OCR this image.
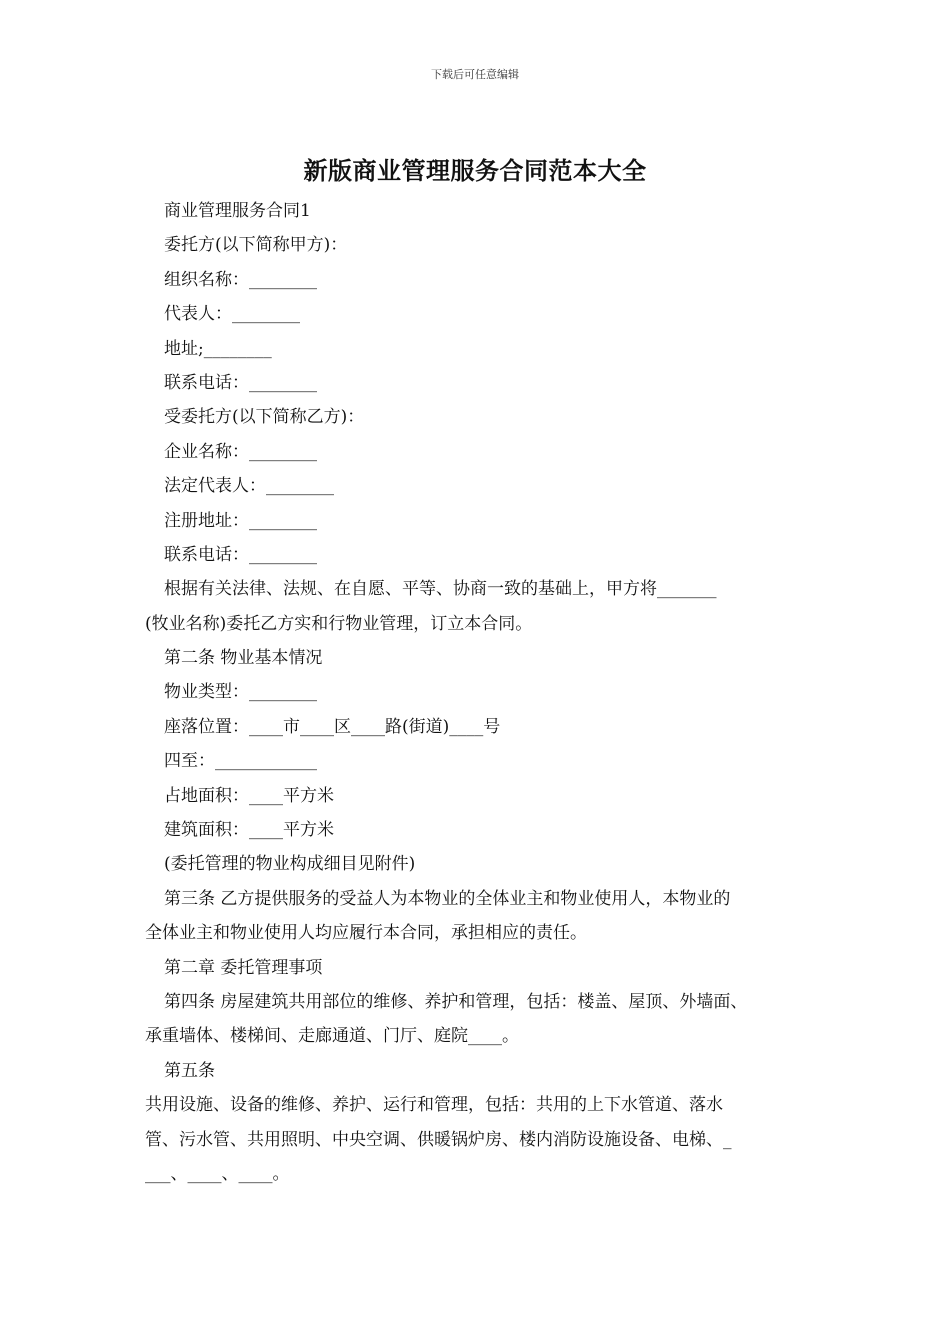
下载后可任意编辑
新版商业管理服务合同范本大全
商业管理服务合同1
委托方(以下简称甲方)：
组织名称：________
代表人：________
地址;________
联系电话：________
受委托方(以下简称乙方)：
企业名称：________
法定代表人：________
注册地址：________
联系电话：________
根据有关法律、法规、在自愿、平等、协商一致的基础上，甲方将_______
(牧业名称)委托乙方实和行物业管理，订立本合同。
第二条 物业基本情况
物业类型：________
座落位置：____市____区____路(街道)____号
四至：____________
占地面积：____平方米
建筑面积：____平方米
(委托管理的物业构成细目见附件)
第三条 乙方提供服务的受益人为本物业的全体业主和物业使用人，本物业的
全体业主和物业使用人均应履行本合同，承担相应的责任。
第二章 委托管理事项
第四条 房屋建筑共用部位的维修、养护和管理，包括：楼盖、屋顶、外墙面、
承重墙体、楼梯间、走廊通道、门厅、庭院____。
第五条
共用设施、设备的维修、养护、运行和管理，包括：共用的上下水管道、落水
管、污水管、共用照明、中央空调、供暖锅炉房、楼内消防设施设备、电梯、_
___、____、____。
